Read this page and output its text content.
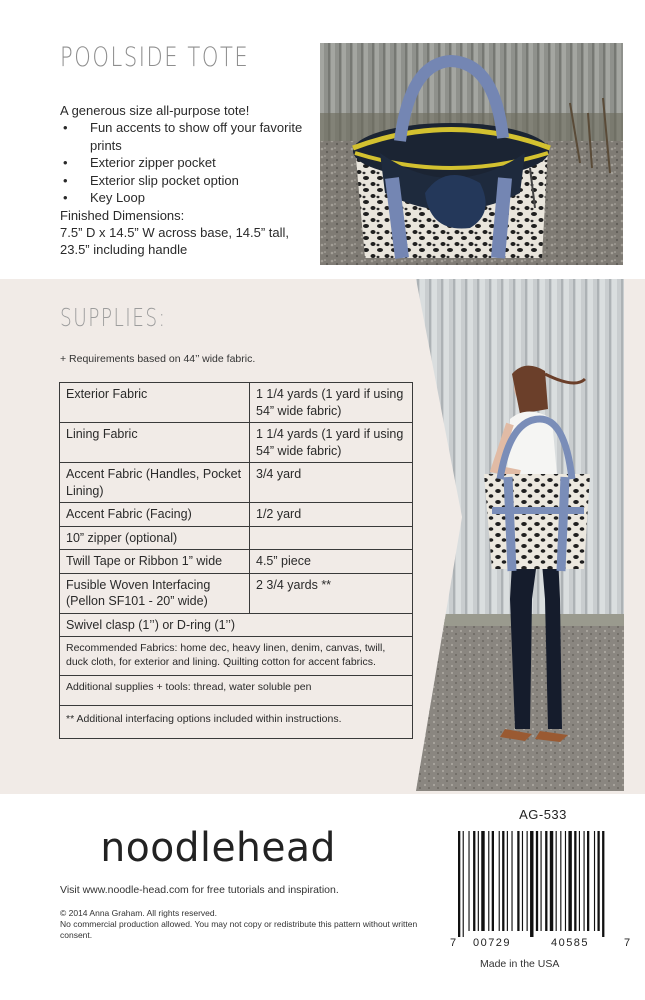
POOLSIDE TOTE
A generous size all-purpose tote!
• Fun accents to show off your favorite prints
• Exterior zipper pocket
• Exterior slip pocket option
• Key Loop
Finished Dimensions:
7.5” D x 14.5” W across base, 14.5” tall, 23.5” including handle
SUPPLIES:
+ Requirements based on 44’’ wide fabric.
Exterior Fabric	1 1/4 yards (1 yard if using 54” wide fabric)
Lining Fabric	1 1/4 yards (1 yard if using 54” wide fabric)
Accent Fabric (Handles, Pocket Lining)	3/4 yard
Accent Fabric (Facing)	1/2 yard
10” zipper (optional)	
Twill Tape or Ribbon 1” wide	4.5” piece
Fusible Woven Interfacing (Pellon SF101 - 20” wide)	2 3/4 yards **
Swivel clasp (1’’) or D-ring (1’’)	
Recommended Fabrics: home dec, heavy linen, denim, canvas, twill, duck cloth, for exterior and lining. Quilting cotton for accent fabrics.	
Additional supplies + tools: thread, water soluble pen	
** Additional interfacing options included within instructions.	
noodlehead
Visit www.noodle-head.com for free tutorials and inspiration.
© 2014 Anna Graham. All rights reserved.
No commercial production allowed. You may not copy or redistribute this pattern without written consent.
AG-533
7 00729	40585	7
Made in the USA
